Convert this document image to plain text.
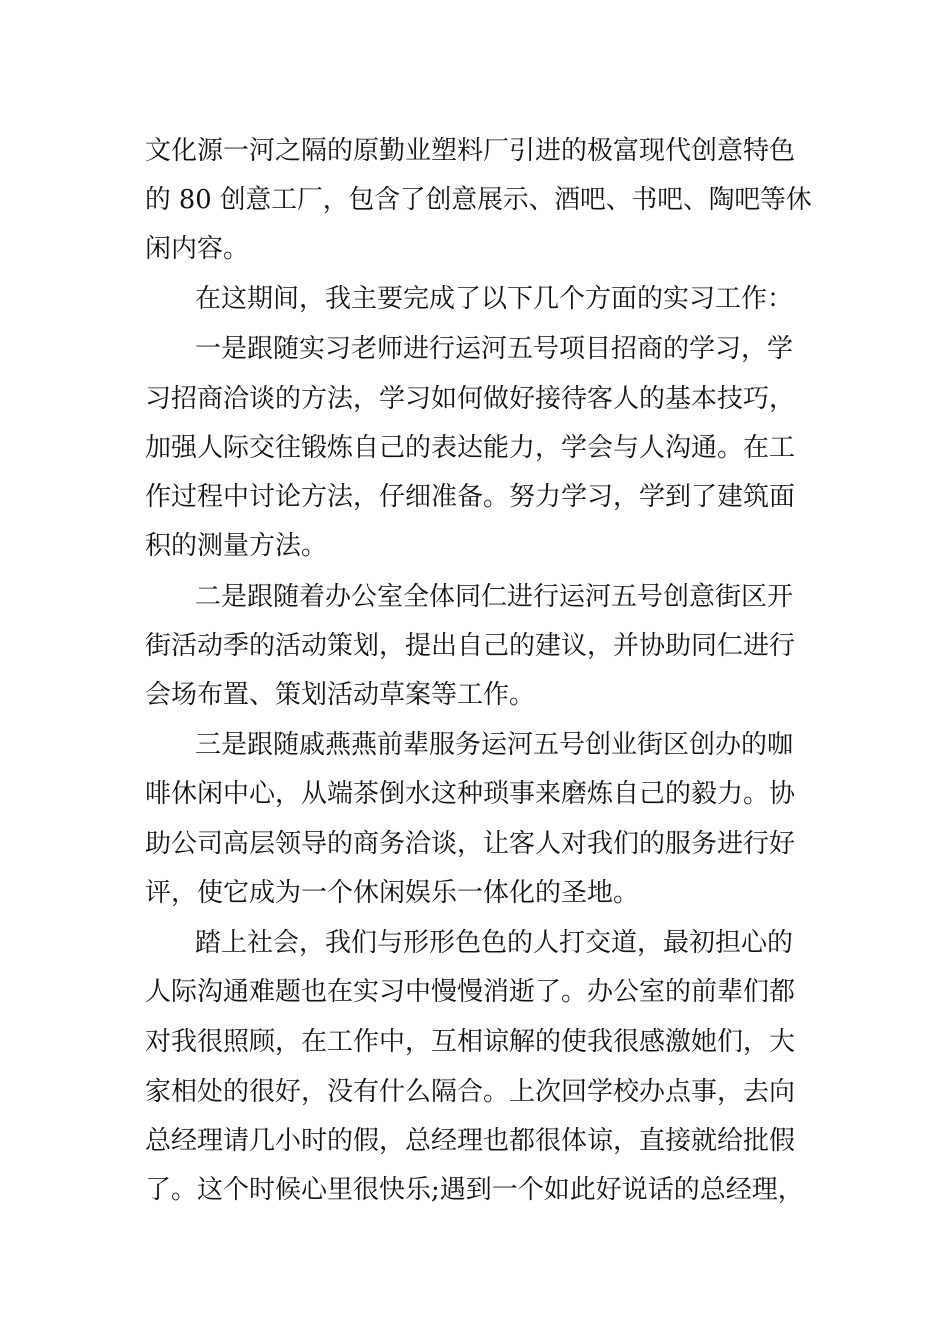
文化源一河之隔的原勤业塑料厂引进的极富现代创意特色

的 80 创意工厂，包含了创意展示、酒吧、书吧、陶吧等休

闲内容。

在这期间，我主要完成了以下几个方面的实习工作：

一是跟随实习老师进行运河五号项目招商的学习，学

习招商洽谈的方法，学习如何做好接待客人的基本技巧，

加强人际交往锻炼自己的表达能力，学会与人沟通。在工

作过程中讨论方法，仔细准备。努力学习，学到了建筑面

积的测量方法。

二是跟随着办公室全体同仁进行运河五号创意街区开

街活动季的活动策划，提出自己的建议，并协助同仁进行

会场布置、策划活动草案等工作。

三是跟随戚燕燕前辈服务运河五号创业街区创办的咖

啡休闲中心，从端茶倒水这种琐事来磨炼自己的毅力。协

助公司高层领导的商务洽谈，让客人对我们的服务进行好

评，使它成为一个休闲娱乐一体化的圣地。

踏上社会，我们与形形色色的人打交道，最初担心的

人际沟通难题也在实习中慢慢消逝了。办公室的前辈们都

对我很照顾，在工作中，互相谅解的使我很感激她们，大

家相处的很好，没有什么隔合。上次回学校办点事，去向

总经理请几小时的假，总经理也都很体谅，直接就给批假

了。这个时候心里很快乐;遇到一个如此好说话的总经理，
